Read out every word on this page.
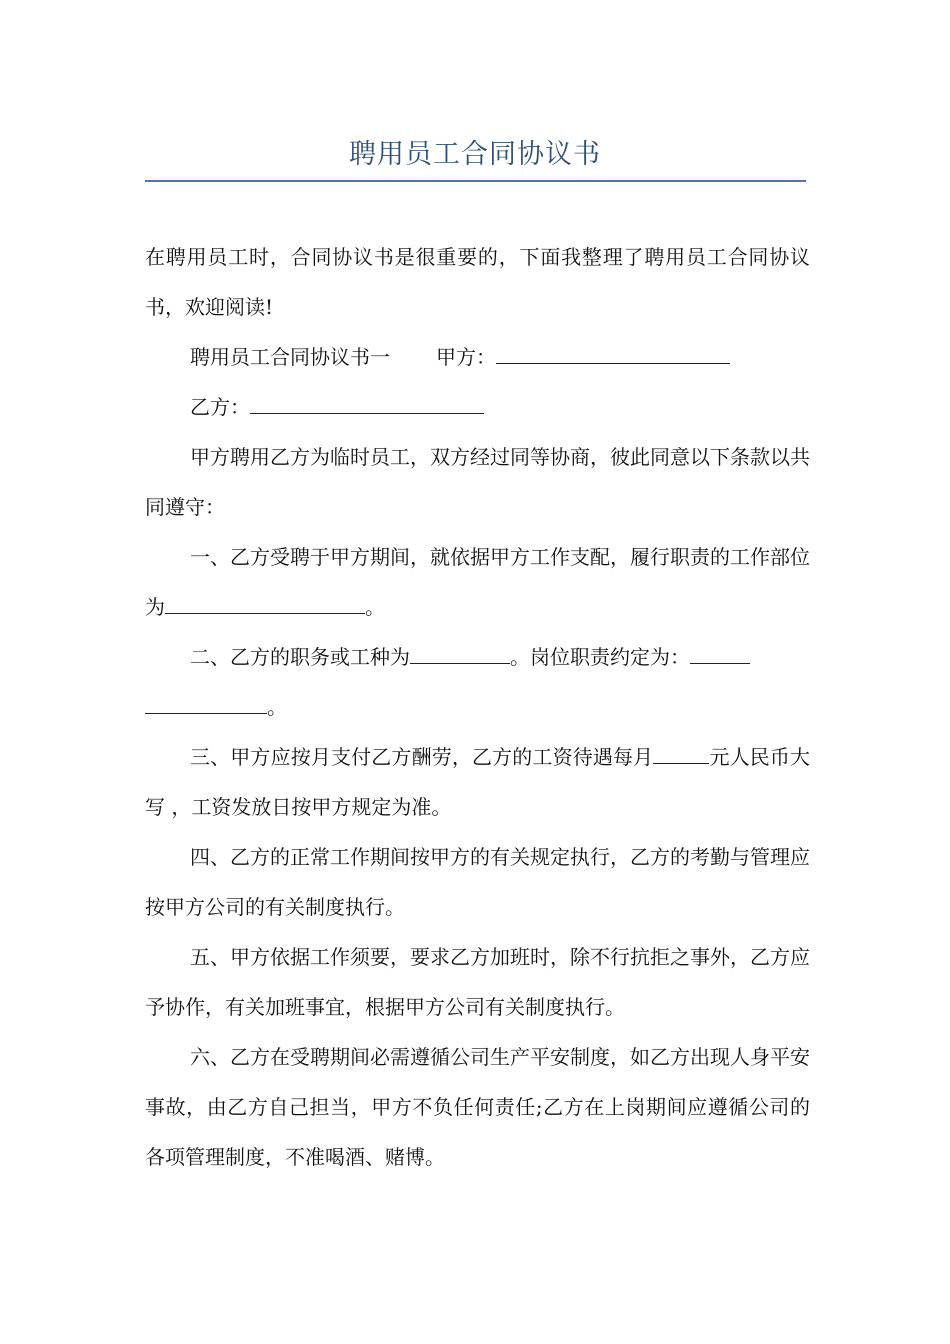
聘用员工合同协议书

在聘用员工时，合同协议书是很重要的，下面我整理了聘用员工合同协议书，欢迎阅读!

聘用员工合同协议书一 甲方：

乙方：

甲方聘用乙方为临时员工，双方经过同等协商，彼此同意以下条款以共同遵守：

一、乙方受聘于甲方期间，就依据甲方工作支配，履行职责的工作部位为	。

二、乙方的职务或工种为	。岗位职责约定为：
。

三、甲方应按月支付乙方酬劳，乙方的工资待遇每月	元人民币大写 ，工资发放日按甲方规定为准。

四、乙方的正常工作期间按甲方的有关规定执行，乙方的考勤与管理应按甲方公司的有关制度执行。

五、甲方依据工作须要，要求乙方加班时，除不行抗拒之事外，乙方应予协作，有关加班事宜，根据甲方公司有关制度执行。

六、乙方在受聘期间必需遵循公司生产平安制度，如乙方出现人身平安事故，由乙方自己担当，甲方不负任何责任;乙方在上岗期间应遵循公司的各项管理制度，不准喝酒、赌博。
